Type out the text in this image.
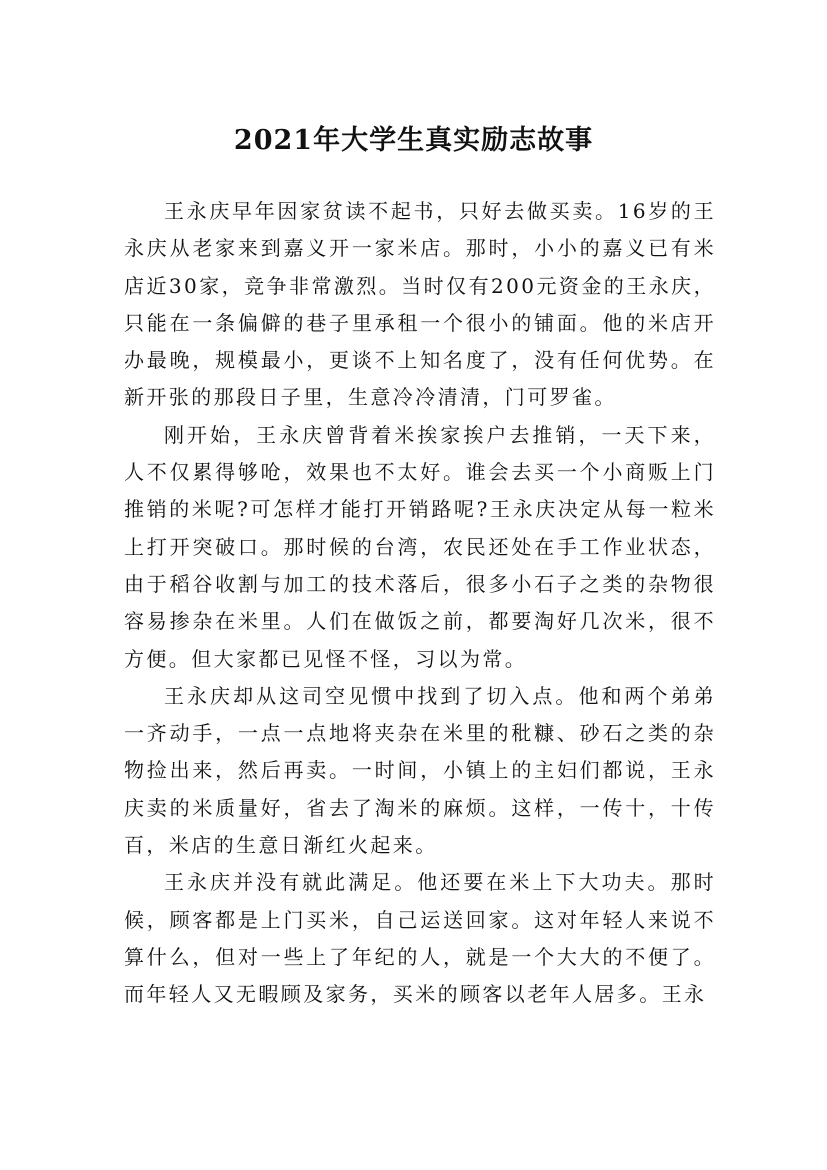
2021年大学生真实励志故事

王永庆早年因家贫读不起书，只好去做买卖。16岁的王永庆从老家来到嘉义开一家米店。那时，小小的嘉义已有米店近30家，竞争非常激烈。当时仅有200元资金的王永庆，只能在一条偏僻的巷子里承租一个很小的铺面。他的米店开办最晚，规模最小，更谈不上知名度了，没有任何优势。在新开张的那段日子里，生意冷冷清清，门可罗雀。

刚开始，王永庆曾背着米挨家挨户去推销，一天下来，人不仅累得够呛，效果也不太好。谁会去买一个小商贩上门推销的米呢?可怎样才能打开销路呢?王永庆决定从每一粒米上打开突破口。那时候的台湾，农民还处在手工作业状态，由于稻谷收割与加工的技术落后，很多小石子之类的杂物很容易掺杂在米里。人们在做饭之前，都要淘好几次米，很不方便。但大家都已见怪不怪，习以为常。

王永庆却从这司空见惯中找到了切入点。他和两个弟弟一齐动手，一点一点地将夹杂在米里的秕糠、砂石之类的杂物捡出来，然后再卖。一时间，小镇上的主妇们都说，王永庆卖的米质量好，省去了淘米的麻烦。这样，一传十，十传百，米店的生意日渐红火起来。

王永庆并没有就此满足。他还要在米上下大功夫。那时候，顾客都是上门买米，自己运送回家。这对年轻人来说不算什么，但对一些上了年纪的人，就是一个大大的不便了。而年轻人又无暇顾及家务，买米的顾客以老年人居多。王永
